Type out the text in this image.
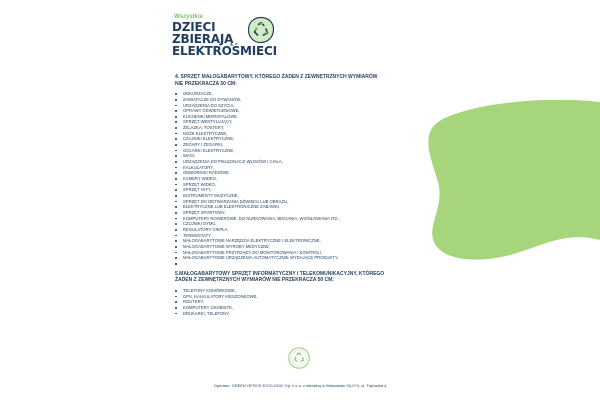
Wszystkie
DZIECI
ZBIERAJĄ
ELEKTROŚMIECI
4. SPRZĘT MAŁOGABARYTOWY, KTÓREGO ŻADEN Z ZEWNĘTRZNYCH WYMIARÓW
NIE PRZEKRACZA 50 CM:
ODKURZACZE,
ZAMIATACZE DO DYWANÓW,
URZĄDZENIA DO SZYCIA,
OPRAWY OŚWIETLENIOWE,
KUCHENKI MIKROFALOWE,
SPRZĘT WENTYLUJĄCY,
ŻELAZKA, TOSTERY,
NOŻE ELEKTRYCZNE,
CZAJNIKI ELEKTRYCZNE,
ZEGARY I ZEGARKI,
GOLARKI ELEKTRYCZNE,
WAGI,
URZĄDZENIA DO PIELĘGNACJI WŁOSÓW I CIAŁA,
KALKULATORY,
ODBIORNIKI RADIOWE,
KAMERY WIDEO,
SPRZĘT WIDEO,
SPRZĘT HI-FI,
INSTRUMENTY MUZYCZNE,
SPRZĘT DO ODTWARZANIA DŹWIĘKU LUB OBRAZU,
ELEKTRYCZNE LUB ELEKTRONICZNE ZABAWKI,
SPRZĘT SPORTOWY,
KOMPUTERY ROWEROWE, DO NURKOWANIA, BIEGANIA, WIOSŁOWANIA ITD.,
CZUJNIKI DYMU,
REGULATORY CIEPŁA,
TERMOSTATY,
MAŁOGABARYTOWE NARZĘDZIA ELEKTRYCZNE I ELEKTRONICZNE,
MAŁOGABARYTOWE WYROBY MEDYCZNE,
MAŁOGABARYTOWE PRZYRZĄDY DO MONITOROWANIA I KONTROLI,
MAŁOGABARYTOWE URZĄDZENIA AUTOMATYCZNIE WYDAJĄCE PRODUKTY,
5.MAŁOGABARYTOWY SPRZĘT INFORMATYCZNY I TELEKOMUNIKACYJNY, KTÓREGO
ŻADEN Z ZEWNĘTRZNYCH WYMIARÓW NIE PRZEKRACZA 50 CM:
TELEFONY KOMÓRKOWE,
GPS, KALKULATORY KIESZONKOWE,
ROUTERY,
KOMPUTERY OSOBISTE,
DRUKARKI, TELEFONY.
Operator: GREEN OFFICE ECOLOGIC Sp. z o.o. z siedzibą w Warszawie 00-074, ul. Trębacka 4
